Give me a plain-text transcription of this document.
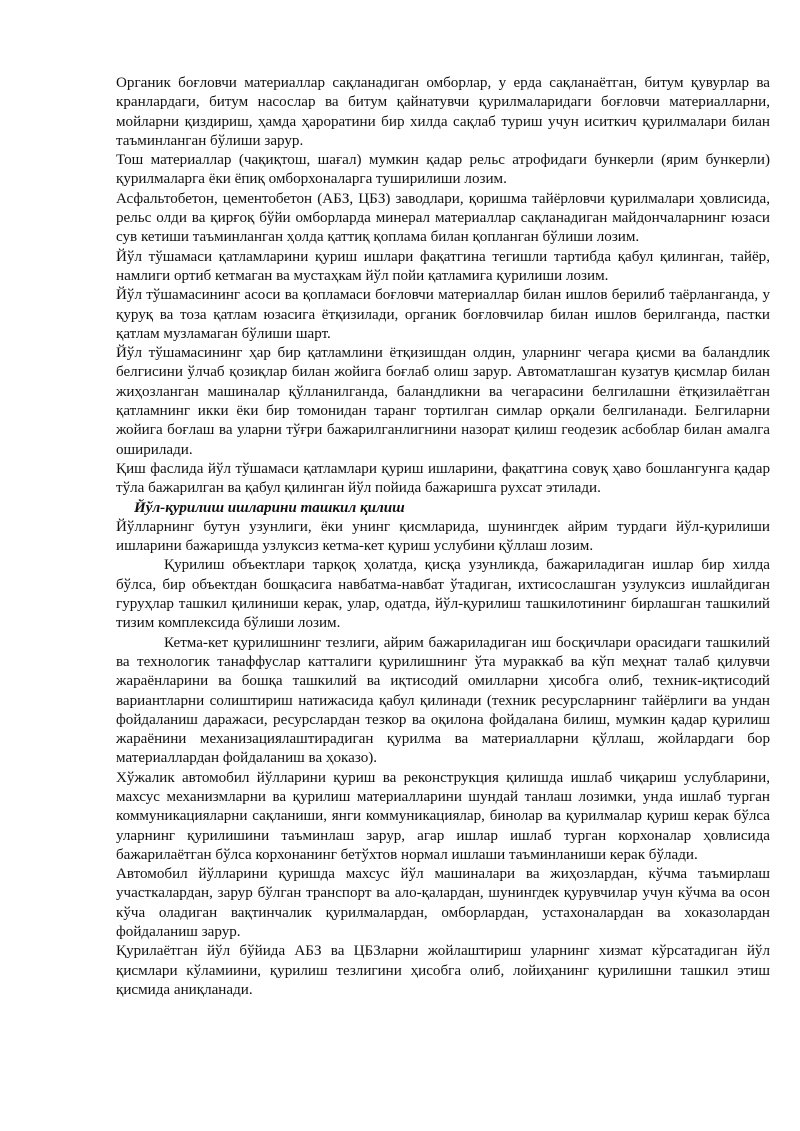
Органик боғловчи материаллар сақланадиган омборлар, у ерда сақланаётган, битум қувурлар ва кранлардаги, битум насослар ва битум қайнатувчи қурилмаларидаги боғловчи материалларни, мойларни қиздириш, ҳамда ҳароратини бир хилда сақлаб туриш учун иситкич қурилмалари билан таъминланган бўлиши зарур.

Тош материаллар (чақиқтош, шағал) мумкин қадар рельс атрофидаги бункерли (ярим бункерли) қурилмаларга ёки ёпиқ омборхоналарга туширилиши лозим.

Асфальтобетон, цементобетон (АБЗ, ЦБЗ) заводлари, қоришма тайёрловчи қурилмалари ҳовлисида, рельс олди ва қирғоқ бўйи омборларда минерал материаллар сақланадиган майдончаларнинг юзаси сув кетиши таъминланган ҳолда қаттиқ қопламa билан қопланган бўлиши лозим.

Йўл тўшамаси қатламларини қуриш ишлари фақатгина тегишли тартибда қабул қилинган, тайёр, намлиги ортиб кетмаган ва мустаҳкам йўл пойи қатламига қурилиши лозим.

Йўл тўшамасининг асоси ва қопламаси боғловчи материаллар билан ишлов берилиб таёрланганда, у қуруқ ва тоза қатлам юзасига ётқизилади, органик боғловчилар билан ишлов берилганда, пастки қатлам музламаган бўлиши шарт.

Йўл тўшамасининг ҳар бир қатламлини ётқизишдан олдин, уларнинг чегара қисми ва баландлик белгисини ўлчаб қозиқлар билан жойига боғлаб олиш зарур. Автоматлашган кузатув қисмлар билан жиҳозланган машиналар қўлланилганда, баландликни ва чегарасини белгилашни ётқизилаётган қатламнинг икки ёки бир томонидан таранг тортилган симлар орқали белгиланади. Белгиларни жойига боғлаш ва уларни тўғри бажарилганлигнини назорат қилиш геодезик асбоблар билан амалга оширилади.

Қиш фаслида йўл тўшамаси қатламлари қуриш ишларини, фақатгина совуқ ҳаво бошлангунга қадар тўла бажарилган ва қабул қилинган йўл пойида бажаришга рухсат этилади.

Йўл-қурилиш ишларини ташкил қилиш

Йўлларнинг бутун узунлиги, ёки унинг қисмларида, шунингдек айрим турдаги йўл-қурилиши ишларини бажаришда узлуксиз кетма-кет қуриш услубини қўллаш лозим.

Қурилиш объектлари тарқоқ ҳолатда, қисқа узунликда, бажариладиган ишлар бир хилда бўлса, бир объектдан бошқасига навбатма-навбат ўтадиган, ихтисослашган узулуксиз ишлайдиган гуруҳлар ташкил қилиниши керак, улар, одатда, йўл-қурилиш ташкилотининг бирлашган ташкилий тизим комплексида бўлиши лозим.

Кетма-кет қурилишнинг тезлиги, айрим бажариладиган иш босқичлари орасидаги ташкилий ва технологик танаффуслар катталиги қурилишнинг ўта мураккаб ва кўп меҳнат талаб қилувчи жараёнларини ва бошқа ташкилий ва иқтисодий омилларни ҳисобга олиб, техник-иқтисодий вариантларни солиштириш натижасида қабул қилинади (техник ресурсларнинг тайёрлиги ва ундан фойдаланиш даражаси, ресурслардан тезкор ва оқилона фойдалана билиш, мумкин қадар қурилиш жараёнини механизациялаштирадиган қурилма ва материалларни қўллаш, жойлардаги бор материаллардан фойдаланиш ва ҳоказо).

Хўжалик автомобил йўлларини қуриш ва реконструкция қилишда ишлаб чиқариш услубларини, махсус механизмларни ва қурилиш материалларини шундай танлаш лозимки, унда ишлаб турган коммуникацияларни сақланиши, янги коммуникациялар, бинолар ва қурилмалар қуриш керак бўлса уларнинг қурилишини таъминлаш зарур, агар ишлар ишлаб турган корхоналар ҳовлисида бажарилаётган бўлса корхонанинг бетўхтов нормал ишлаши таъминланиши керак бўлади.

Автомобил йўлларини қуришда махсус йўл машиналари ва жиҳозлардан, кўчма таъмирлаш участкалардан, зарур бўлган транспорт ва ало-қалардан, шунингдек қурувчилар учун кўчма ва осон кўча оладиган вақтинчалик қурилмалардан, омборлардан, устахоналардан ва хоказолардан фойдаланиш зарур.

Қурилаётган йўл бўйида АБЗ ва ЦБЗларни жойлаштириш уларнинг хизмат кўрсатадиган йўл қисмлари кўламиини, қурилиш тезлигини ҳисобга олиб, лойиҳанинг қурилишни ташкил этиш қисмида аниқланади.
